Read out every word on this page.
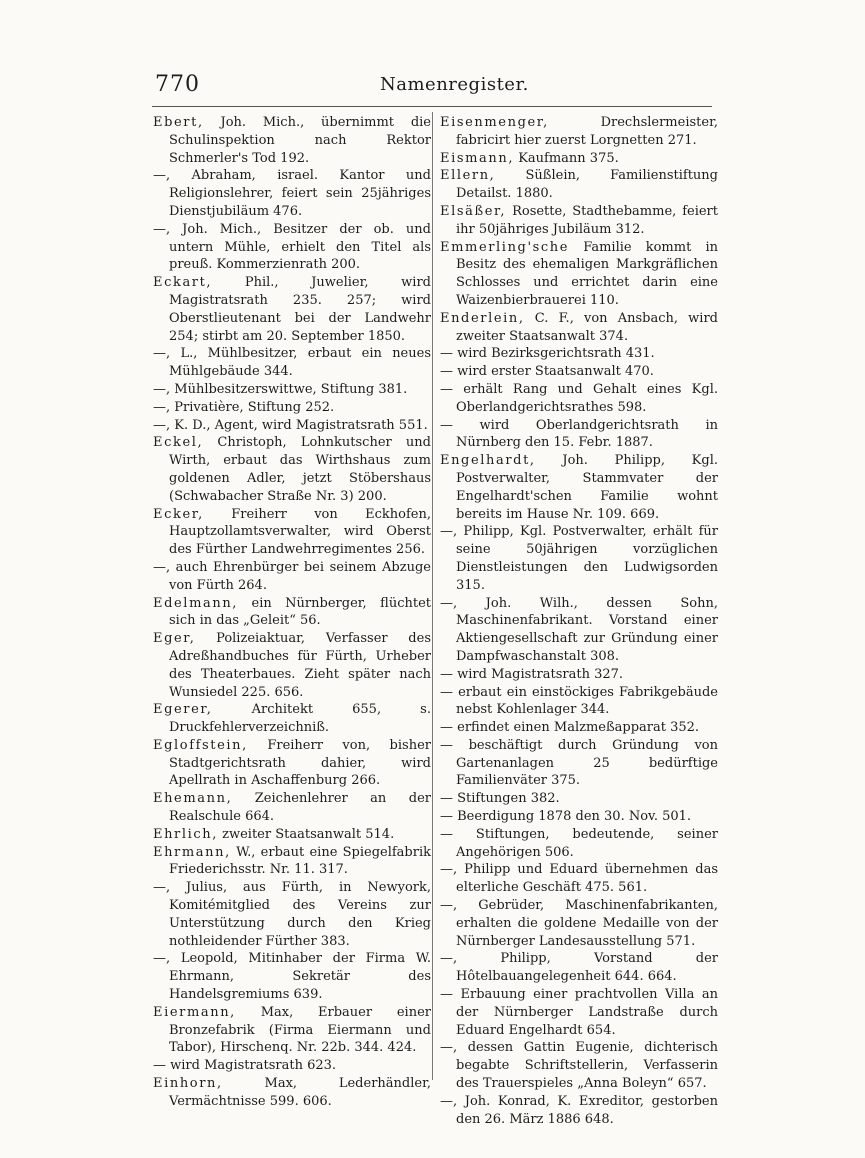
770	Namenregister.

Ebert, Joh. Mich., übernimmt die Schulinspektion nach Rektor Schmerler's Tod 192.

—, Abraham, israel. Kantor und Religionslehrer, feiert sein 25jähriges Dienstjubiläum 476.

—, Joh. Mich., Besitzer der ob. und untern Mühle, erhielt den Titel als preuß. Kommerzienrath 200.

Eckart, Phil., Juwelier, wird Magistratsrath 235. 257; wird Oberstlieutenant bei der Landwehr 254; stirbt am 20. September 1850.

—, L., Mühlbesitzer, erbaut ein neues Mühlgebäude 344.

—, Mühlbesitzerswittwe, Stiftung 381.

—, Privatière, Stiftung 252.

—, K. D., Agent, wird Magistratsrath 551.

Eckel, Christoph, Lohnkutscher und Wirth, erbaut das Wirthshaus zum goldenen Adler, jetzt Stöbershaus (Schwabacher Straße Nr. 3) 200.

Ecker, Freiherr von Eckhofen, Hauptzollamtsverwalter, wird Oberst des Fürther Landwehrregimentes 256.

—, auch Ehrenbürger bei seinem Abzuge von Fürth 264.

Edelmann, ein Nürnberger, flüchtet sich in das „Geleit“ 56.

Eger, Polizeiaktuar, Verfasser des Adreßhandbuches für Fürth, Urheber des Theaterbaues. Zieht später nach Wunsiedel 225. 656.

Egerer, Architekt 655, s. Druckfehlerverzeichniß.

Egloffstein, Freiherr von, bisher Stadtgerichtsrath dahier, wird Apellrath in Aschaffenburg 266.

Ehemann, Zeichenlehrer an der Realschule 664.

Ehrlich, zweiter Staatsanwalt 514.

Ehrmann, W., erbaut eine Spiegelfabrik Friederichsstr. Nr. 11. 317.

—, Julius, aus Fürth, in Newyork, Komitémitglied des Vereins zur Unterstützung durch den Krieg nothleidender Fürther 383.

—, Leopold, Mitinhaber der Firma W. Ehrmann, Sekretär des Handelsgremiums 639.

Eiermann, Max, Erbauer einer Bronzefabrik (Firma Eiermann und Tabor), Hirschenq. Nr. 22b. 344. 424.

— wird Magistratsrath 623.

Einhorn, Max, Lederhändler, Vermächtnisse 599. 606.

Eisenmenger, Drechslermeister, fabricirt hier zuerst Lorgnetten 271.

Eismann, Kaufmann 375.

Ellern, Süßlein, Familienstiftung Detailst. 1880.

Elsäßer, Rosette, Stadthebamme, feiert ihr 50jähriges Jubiläum 312.

Emmerling'sche Familie kommt in Besitz des ehemaligen Markgräflichen Schlosses und errichtet darin eine Waizenbierbrauerei 110.

Enderlein, C. F., von Ansbach, wird zweiter Staatsanwalt 374.

— wird Bezirksgerichtsrath 431.

— wird erster Staatsanwalt 470.

— erhält Rang und Gehalt eines Kgl. Oberlandgerichtsrathes 598.

— wird Oberlandgerichtsrath in Nürnberg den 15. Febr. 1887.

Engelhardt, Joh. Philipp, Kgl. Postverwalter, Stammvater der Engelhardt'schen Familie wohnt bereits im Hause Nr. 109. 669.

—, Philipp, Kgl. Postverwalter, erhält für seine 50jährigen vorzüglichen Dienstleistungen den Ludwigsorden 315.

—, Joh. Wilh., dessen Sohn, Maschinenfabrikant. Vorstand einer Aktiengesellschaft zur Gründung einer Dampfwaschanstalt 308.

— wird Magistratsrath 327.

— erbaut ein einstöckiges Fabrikgebäude nebst Kohlenlager 344.

— erfindet einen Malzmeßapparat 352.

— beschäftigt durch Gründung von Gartenanlagen 25 bedürftige Familienväter 375.

— Stiftungen 382.

— Beerdigung 1878 den 30. Nov. 501.

— Stiftungen, bedeutende, seiner Angehörigen 506.

—, Philipp und Eduard übernehmen das elterliche Geschäft 475. 561.

—, Gebrüder, Maschinenfabrikanten, erhalten die goldene Medaille von der Nürnberger Landesausstellung 571.

—, Philipp, Vorstand der Hôtelbauangelegenheit 644. 664.

— Erbauung einer prachtvollen Villa an der Nürnberger Landstraße durch Eduard Engelhardt 654.

—, dessen Gattin Eugenie, dichterisch begabte Schriftstellerin, Verfasserin des Trauerspieles „Anna Boleyn“ 657.

—, Joh. Konrad, K. Exreditor, gestorben den 26. März 1886 648.
